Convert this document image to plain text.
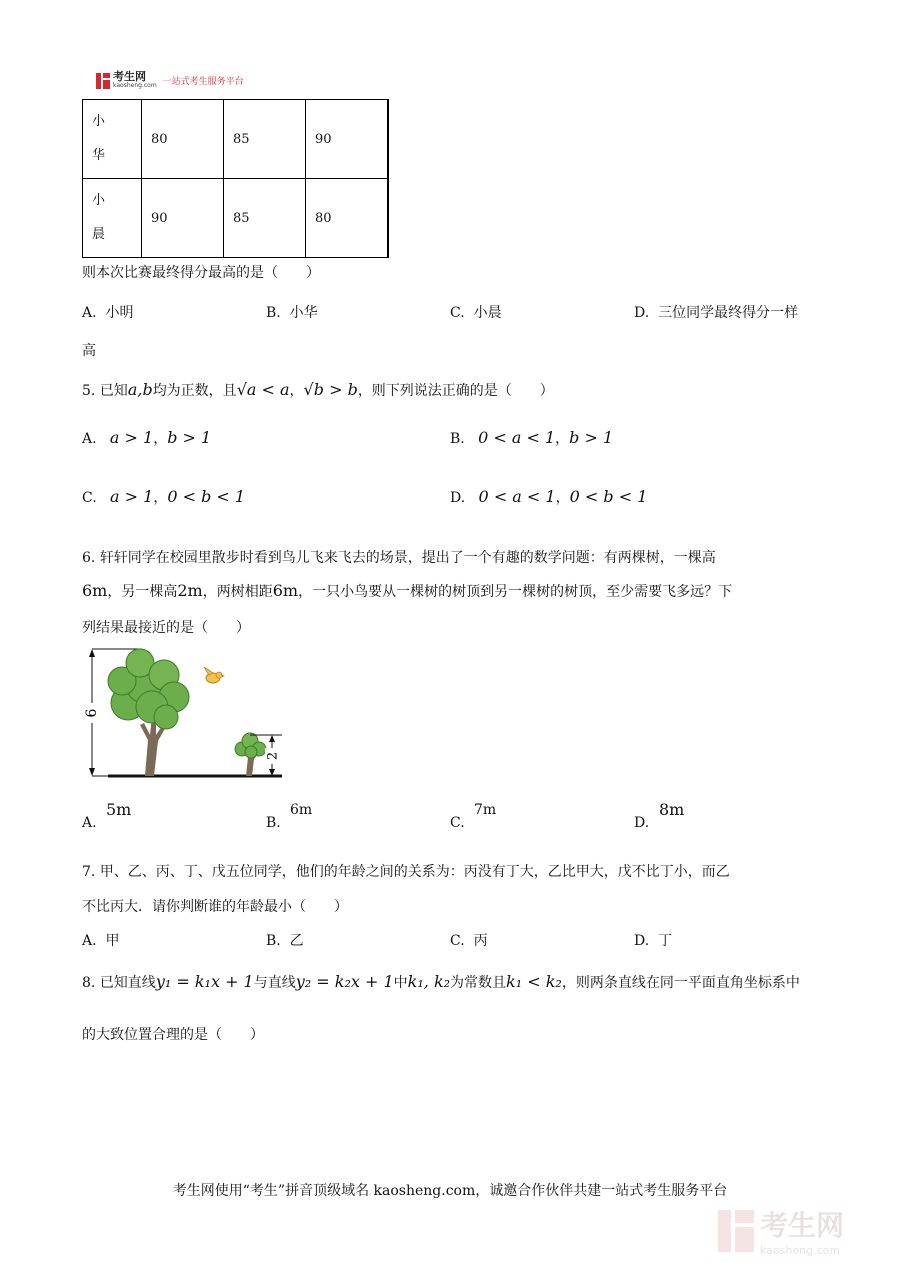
考生网
kaosheng.com 一站式考生服务平台
小
华	80	85	90
小
晨	90	85	80
则本次比赛最终得分最高的是（　　）
A. 小明	B. 小华	C. 小晨	D. 三位同学最终得分一样
高
5. 已知a,b均为正数，且√a < a，√b > b，则下列说法正确的是（　　）
A. a > 1，b > 1	B. 0 < a < 1，b > 1
C. a > 1，0 < b < 1	D. 0 < a < 1，0 < b < 1
6. 轩轩同学在校园里散步时看到鸟儿飞来飞去的场景，提出了一个有趣的数学问题：有两棵树，一棵高
6m，另一棵高2m，两树相距6m，一只小鸟要从一棵树的树顶到另一棵树的树顶，至少需要飞多远？下
列结果最接近的是（　　）
6
2
A.
5m
B.
6m
C.
7m
D.
8m
7. 甲、乙、丙、丁、戊五位同学，他们的年龄之间的关系为：丙没有丁大，乙比甲大，戊不比丁小，而乙
不比丙大．请你判断谁的年龄最小（　　）
A. 甲	B. 乙	C. 丙	D. 丁
8. 已知直线y₁ = k₁x + 1与直线y₂ = k₂x + 1中k₁, k₂为常数且k₁ < k₂，则两条直线在同一平面直角坐标系中
的大致位置合理的是（　　）
考生网使用“考生”拼音顶级域名 kaosheng.com，诚邀合作伙伴共建一站式考生服务平台
考生网
kaosheng.com
